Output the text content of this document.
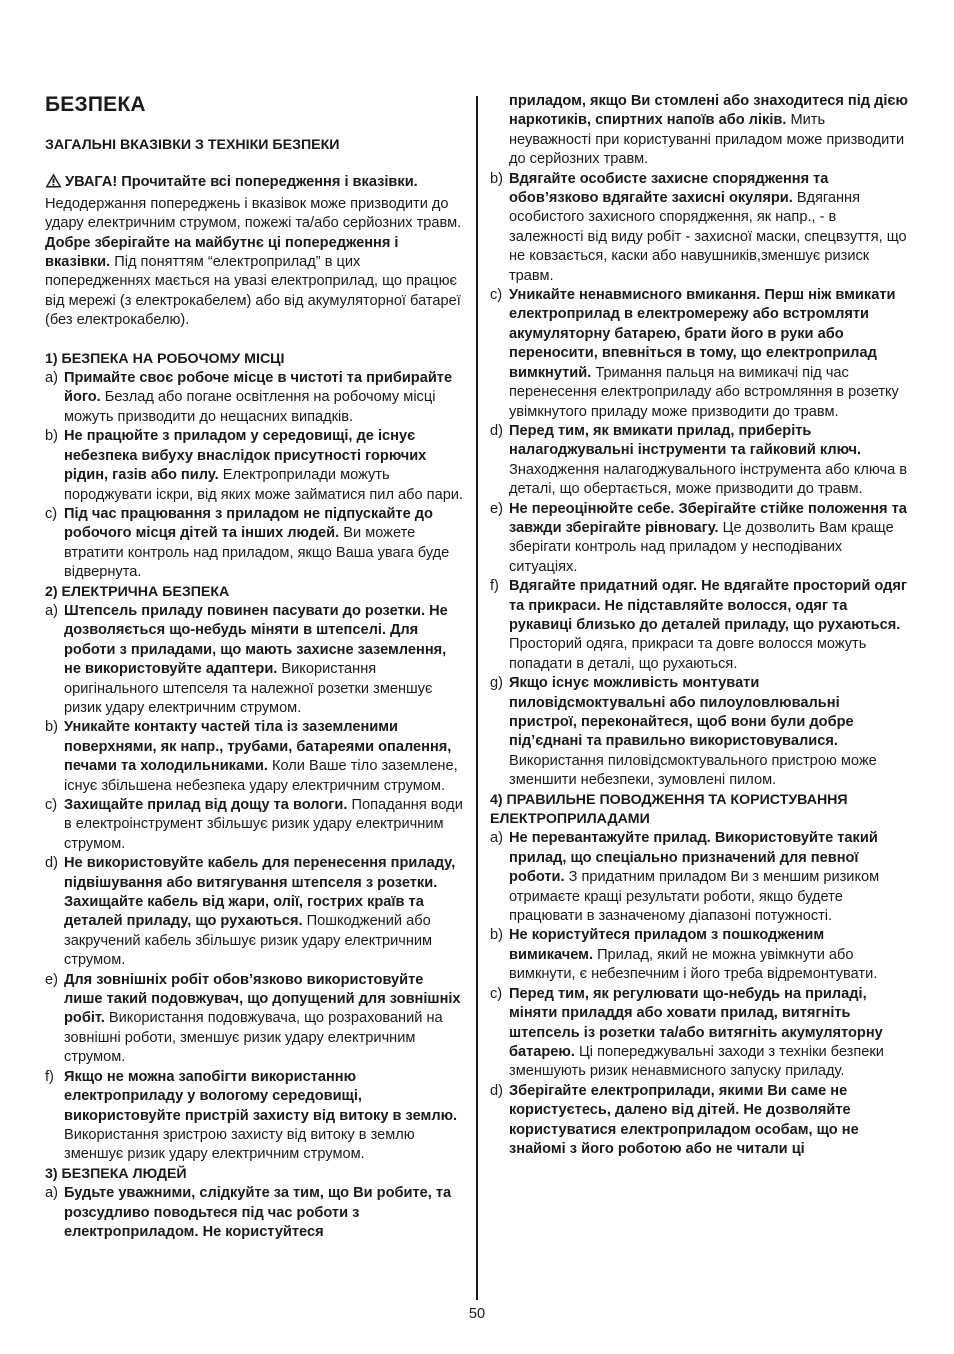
БЕЗПЕКА
ЗАГАЛЬНІ ВКАЗІВКИ З ТЕХНІКИ БЕЗПЕКИ

УВАГА! Прочитайте всі попередження і вказівки. Недодержання попереджень і вказівок може призводити до удару електричним струмом, пожежі та/або серйозних травм. Добре зберігайте на майбутнє ці попередження і вказівки. Під поняттям “електроприлад” в цих попередженнях мається на увазі електроприлад, що працює від мережі (з електрокабелем) або від акумуляторної батареї (без електрокабелю).

1) БЕЗПЕКА НА РОБОЧОМУ МІСЦІ
a) Примайте своє робоче місце в чистоті та прибирайте його. Безлад або погане освітлення на робочому місці можуть призводити до нещасних випадків.
b) Не працюйте з приладом у середовищі, де існує небезпека вибуху внаслідок присутності горючих рідин, газів або пилу. Електроприлади можуть породжувати іскри, від яких може займатися пил або пари.
c) Під час працювання з приладом не підпускайте до робочого місця дітей та інших людей. Ви можете втратити контроль над приладом, якщо Ваша увага буде відвернута.
2) ЕЛЕКТРИЧНА БЕЗПЕКА
a) Штепсель приладу повинен пасувати до розетки. Не дозволяється що-небудь міняти в штепселі. Для роботи з приладами, що мають захисне заземлення, не використовуйте адаптери. Використання оригінального штепселя та належної розетки зменшує ризик удару електричним струмом.
b) Уникайте контакту частей тіла із заземленими поверхнями, як напр., трубами, батареями опалення, печами та холодильниками. Коли Ваше тіло заземлене, існує збільшена небезпека удару електричним струмом.
c) Захищайте прилад від дощу та вологи. Попадання води в електроінструмент збільшує ризик удару електричним струмом.
d) Не використовуйте кабель для перенесення приладу, підвішування або витягування штепселя з розетки. Захищайте кабель від жари, олії, гострих країв та деталей приладу, що рухаються. Пошкоджений або закручений кабель збільшує ризик удару електричним струмом.
e) Для зовнішніх робіт обов’язково використовуйте лише такий подовжувач, що допущений для зовнішніх робіт. Використання подовжувача, що розрахований на зовнішні роботи, зменшує ризик удару електричним струмом.
f) Якщо не можна запобігти використанню електроприладу у вологому середовищі, використовуйте пристрій захисту від витоку в землю. Використання зристрою захисту від витоку в землю зменшує ризик удару електричним струмом.
3) БЕЗПЕКА ЛЮДЕЙ
a) Будьте уважними, слідкуйте за тим, що Ви робите, та розсудливо поводьтеся під час роботи з електроприладом. Не користуйтеся
приладом, якщо Ви стомлені або знаходитеся під дією наркотиків, спиртних напоїв або ліків. Мить неуважності при користуванні приладом може призводити до серйозних травм.
b) Вдягайте особисте захисне спорядження та обов’язково вдягайте захисні окуляри. Вдягання особистого захисного спорядження, як напр., - в залежності від виду робіт - захисної маски, спецвзуття, що не ковзається, каски або навушників,зменшує ризиск травм.
c) Уникайте ненавмисного вмикання. Перш ніж вмикати електроприлад в електромережу або встромляти акумуляторну батарею, брати його в руки або переносити, впевніться в тому, що електроприлад вимкнутий. Тримання пальця на вимикачі під час перенесення електроприладу або встромляння в розетку увімкнутого приладу може призводити до травм.
d) Перед тим, як вмикати прилад, приберіть налагоджувальні інструменти та гайковий ключ. Знаходження налагоджувального інструмента або ключа в деталі, що обертається, може призводити до травм.
e) Не переоцінюйте себе. Зберігайте стійке положення та завжди зберігайте рівновагу. Це дозволить Вам краще зберігати контроль над приладом у несподіваних ситуаціях.
f) Вдягайте придатний одяг. Не вдягайте просторий одяг та прикраси. Не підставляйте волосся, одяг та рукавиці близько до деталей приладу, що рухаються. Просторий одяга, прикраси та довге волосся можуть попадати в деталі, що рухаються.
g) Якщо існує можливість монтувати пиловідсмоктувальні або пилоуловлювальні пристрої, переконайтеся, щоб вони були добре під’єднані та правильно використовувалися. Використання пиловідсмоктувального пристрою може зменшити небезпеки, зумовлені пилом.
4) ПРАВИЛЬНЕ ПОВОДЖЕННЯ ТА КОРИСТУВАННЯ ЕЛЕКТРОПРИЛАДАМИ
a) Не перевантажуйте прилад. Використовуйте такий прилад, що спеціально призначений для певної роботи. З придатним приладом Ви з меншим ризиком отримаєте кращі результати роботи, якщо будете працювати в зазначеному діапазоні потужності.
b) Не користуйтеся приладом з пошкодженим вимикачем. Прилад, який не можна увімкнути або вимкнути, є небезпечним і його треба відремонтувати.
c) Перед тим, як регулювати що-небудь на приладі, міняти приладдя або ховати прилад, витягніть штепсель із розетки та/або витягніть акумуляторну батарею. Ці попереджувальні заходи з техніки безпеки зменшують ризик ненавмисного запуску приладу.
d) Зберігайте електроприлади, якими Ви саме не користуєтесь, далено від дітей. Не дозволяйте користуватися електроприладом особам, що не знайомі з його роботою або не читали ці
50
